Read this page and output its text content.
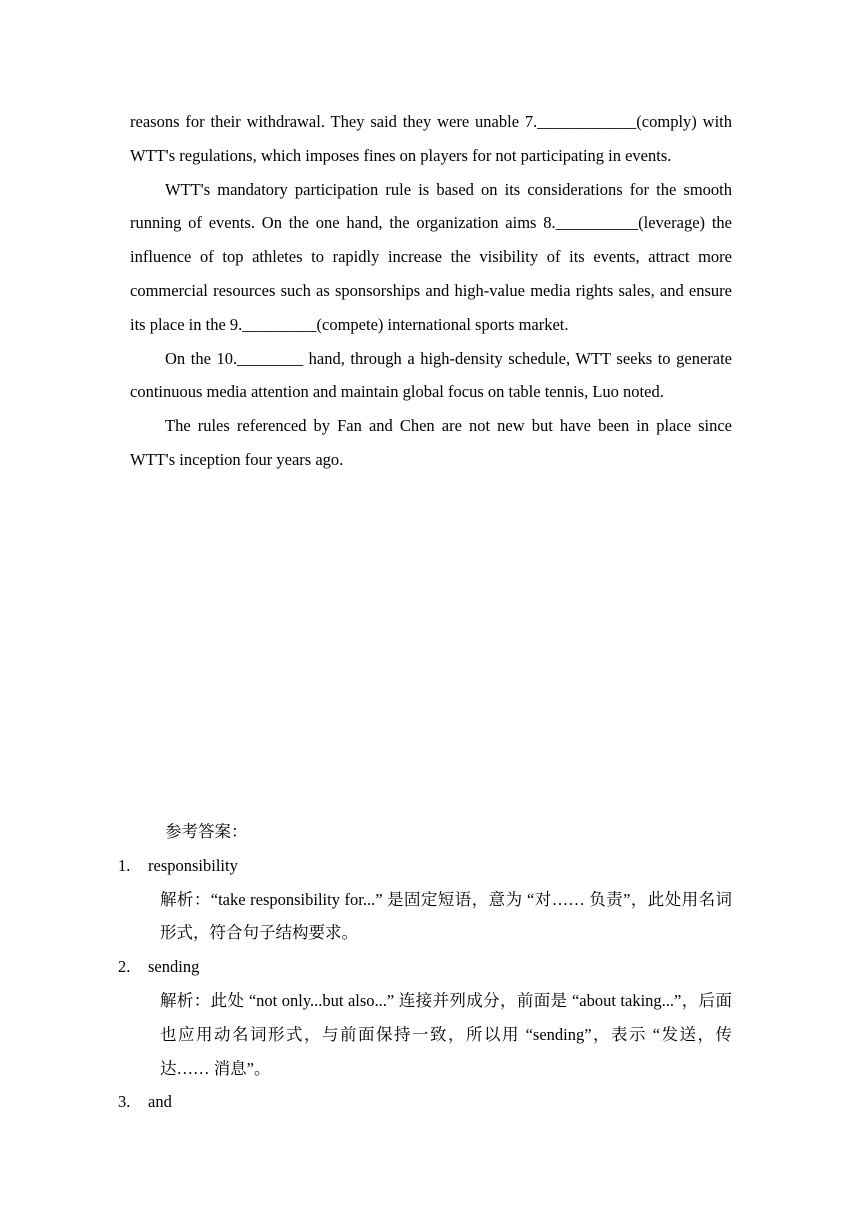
reasons for their withdrawal. They said they were unable 7.____________(comply) with WTT's regulations, which imposes fines on players for not participating in events.

WTT's mandatory participation rule is based on its considerations for the smooth running of events. On the one hand, the organization aims 8.__________(leverage) the influence of top athletes to rapidly increase the visibility of its events, attract more commercial resources such as sponsorships and high-value media rights sales, and ensure its place in the 9._________(compete) international sports market.

On the 10.________ hand, through a high-density schedule, WTT seeks to generate continuous media attention and maintain global focus on table tennis, Luo noted.

The rules referenced by Fan and Chen are not new but have been in place since WTT's inception four years ago.

参考答案：

1. responsibility

解析：“take responsibility for...” 是固定短语，意为 “对…… 负责”，此处用名词形式，符合句子结构要求。

2. sending

解析：此处 “not only...but also...” 连接并列成分，前面是 “about taking...”，后面也应用动名词形式，与前面保持一致，所以用 “sending”，表示 “发送，传达…… 消息”。

3. and
